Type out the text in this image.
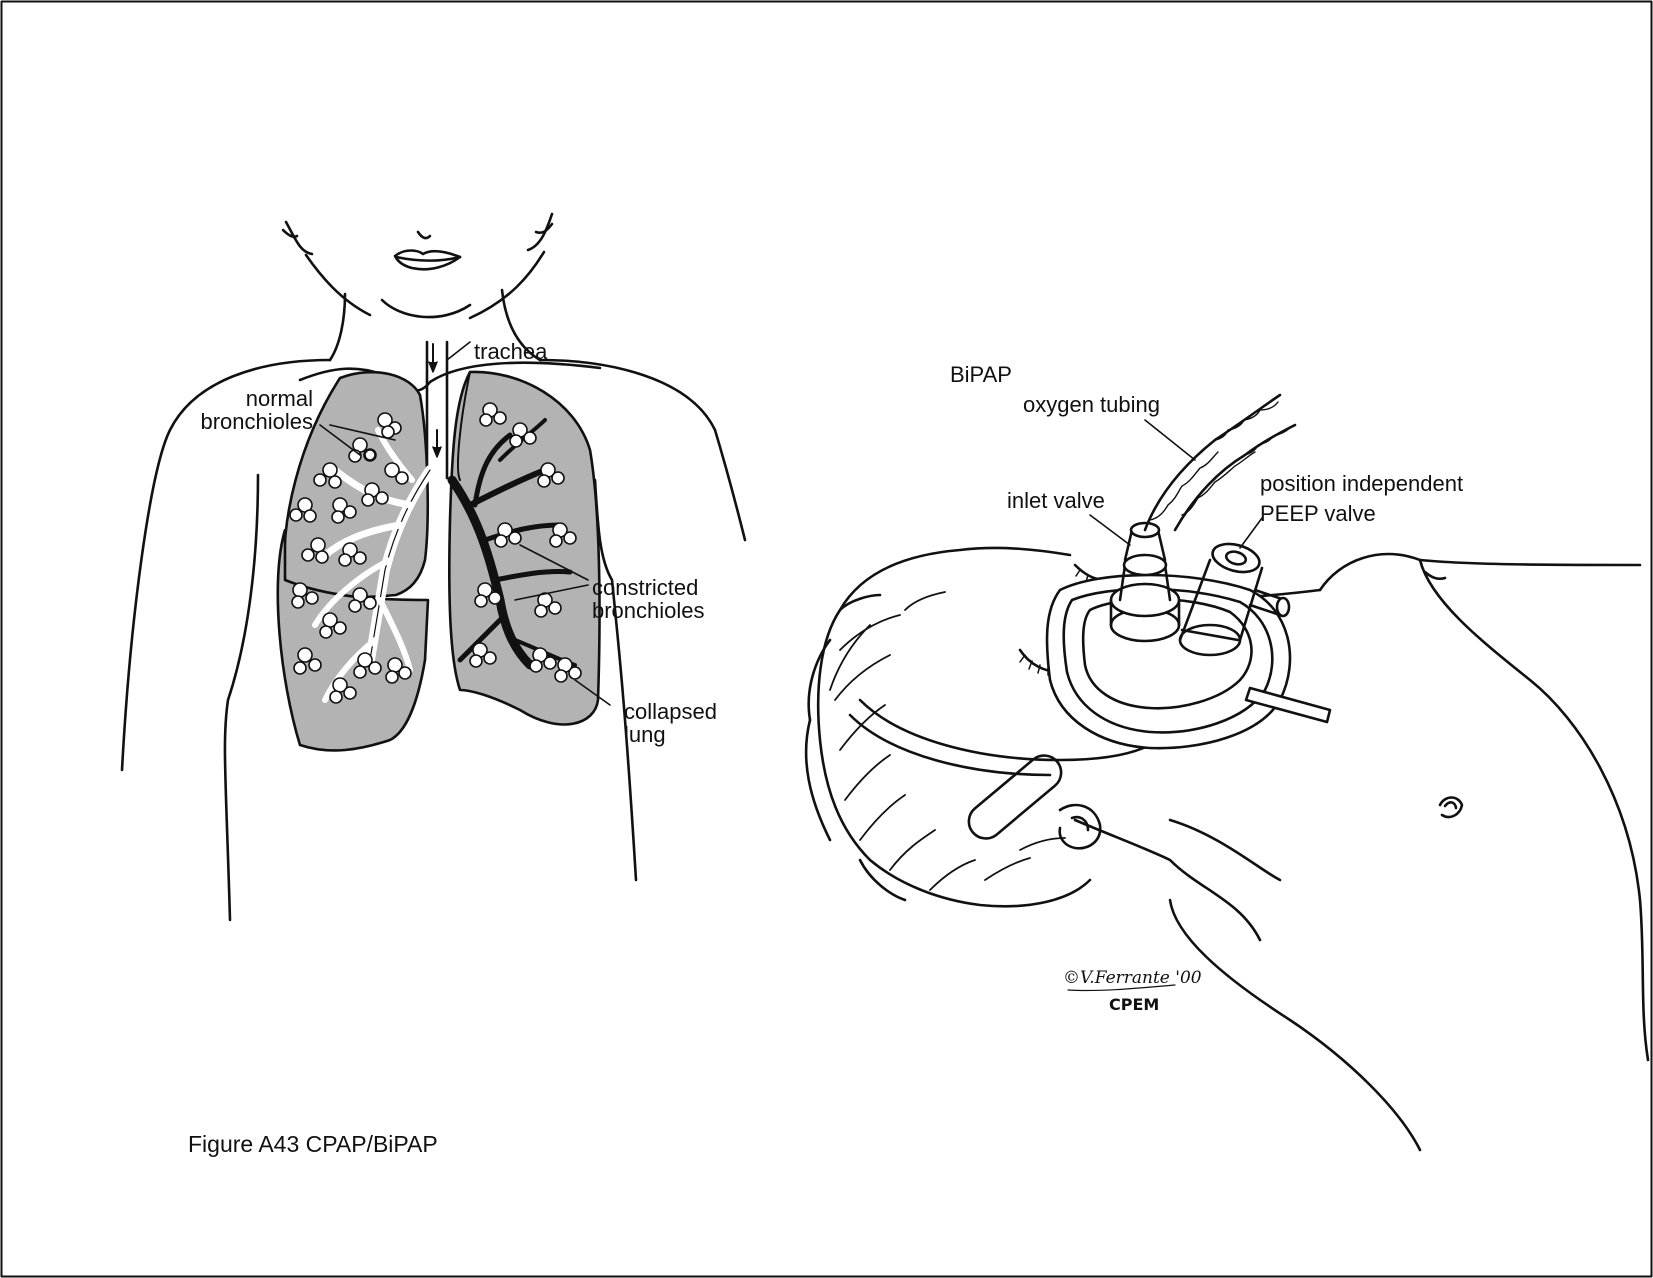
trachea
normal
bronchioles
constricted
bronchioles
collapsed
lung
BiPAP
oxygen tubing
inlet valve
position independent
PEEP valve
©V.Ferrante '00
CPEM
Figure A43 CPAP/BiPAP
